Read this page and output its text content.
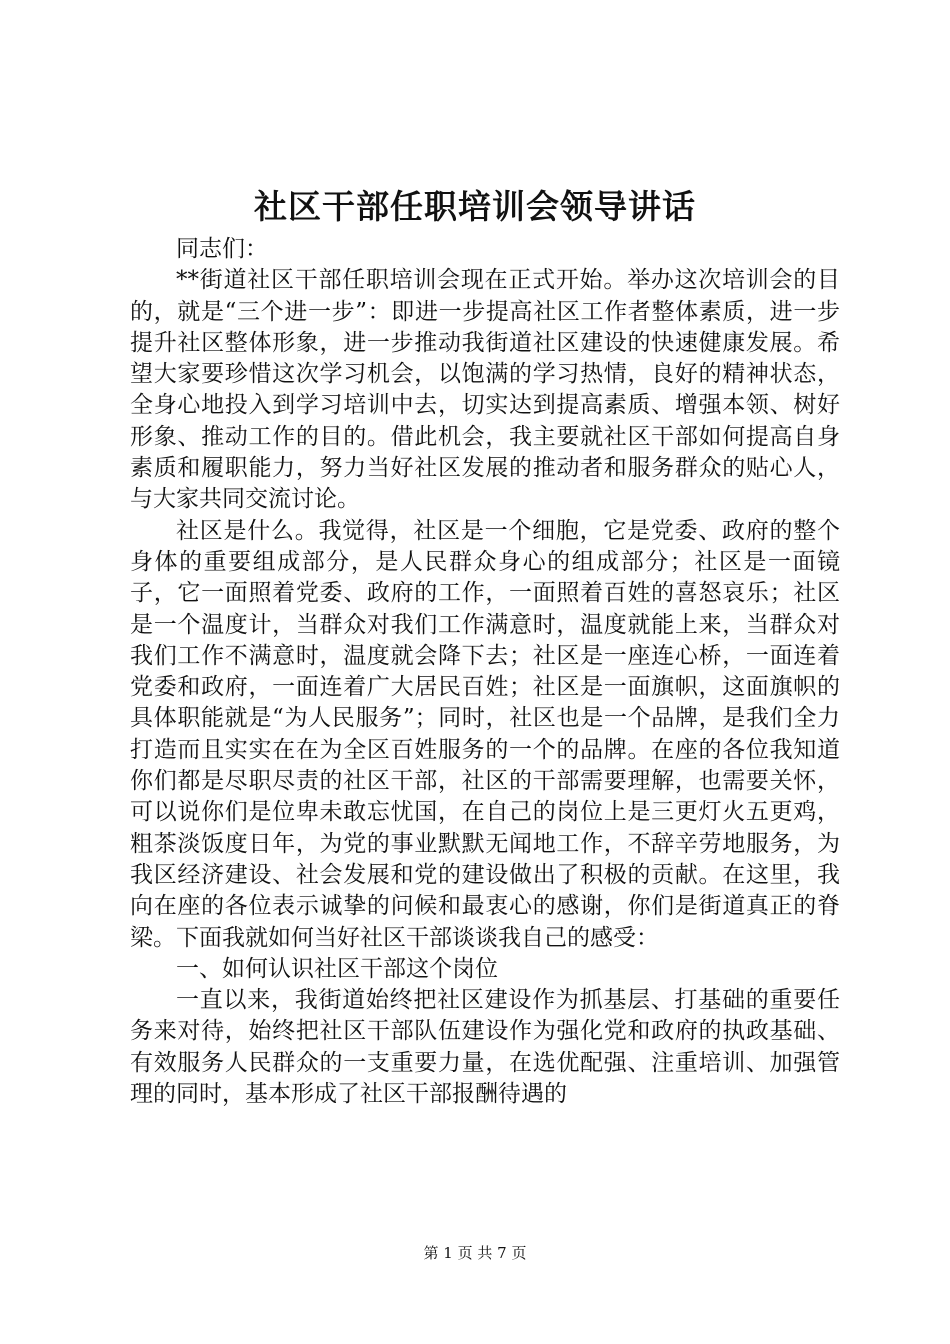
社区干部任职培训会领导讲话

同志们：

**街道社区干部任职培训会现在正式开始。举办这次培训会的目的，就是“三个进一步”：即进一步提高社区工作者整体素质，进一步提升社区整体形象，进一步推动我街道社区建设的快速健康发展。希望大家要珍惜这次学习机会，以饱满的学习热情，良好的精神状态，全身心地投入到学习培训中去，切实达到提高素质、增强本领、树好形象、推动工作的目的。借此机会，我主要就社区干部如何提高自身素质和履职能力，努力当好社区发展的推动者和服务群众的贴心人，与大家共同交流讨论。

社区是什么。我觉得，社区是一个细胞，它是党委、政府的整个身体的重要组成部分，是人民群众身心的组成部分；社区是一面镜子，它一面照着党委、政府的工作，一面照着百姓的喜怒哀乐；社区是一个温度计，当群众对我们工作满意时，温度就能上来，当群众对我们工作不满意时，温度就会降下去；社区是一座连心桥，一面连着党委和政府，一面连着广大居民百姓；社区是一面旗帜，这面旗帜的具体职能就是“为人民服务”；同时，社区也是一个品牌，是我们全力打造而且实实在在为全区百姓服务的一个的品牌。在座的各位我知道你们都是尽职尽责的社区干部，社区的干部需要理解，也需要关怀，可以说你们是位卑未敢忘忧国，在自己的岗位上是三更灯火五更鸡，粗茶淡饭度日年，为党的事业默默无闻地工作，不辞辛劳地服务，为我区经济建设、社会发展和党的建设做出了积极的贡献。在这里，我向在座的各位表示诚挚的问候和最衷心的感谢，你们是街道真正的脊梁。下面我就如何当好社区干部谈谈我自己的感受：

一、如何认识社区干部这个岗位

一直以来，我街道始终把社区建设作为抓基层、打基础的重要任务来对待，始终把社区干部队伍建设作为强化党和政府的执政基础、有效服务人民群众的一支重要力量，在选优配强、注重培训、加强管理的同时，基本形成了社区干部报酬待遇的

第 1 页 共 7 页
